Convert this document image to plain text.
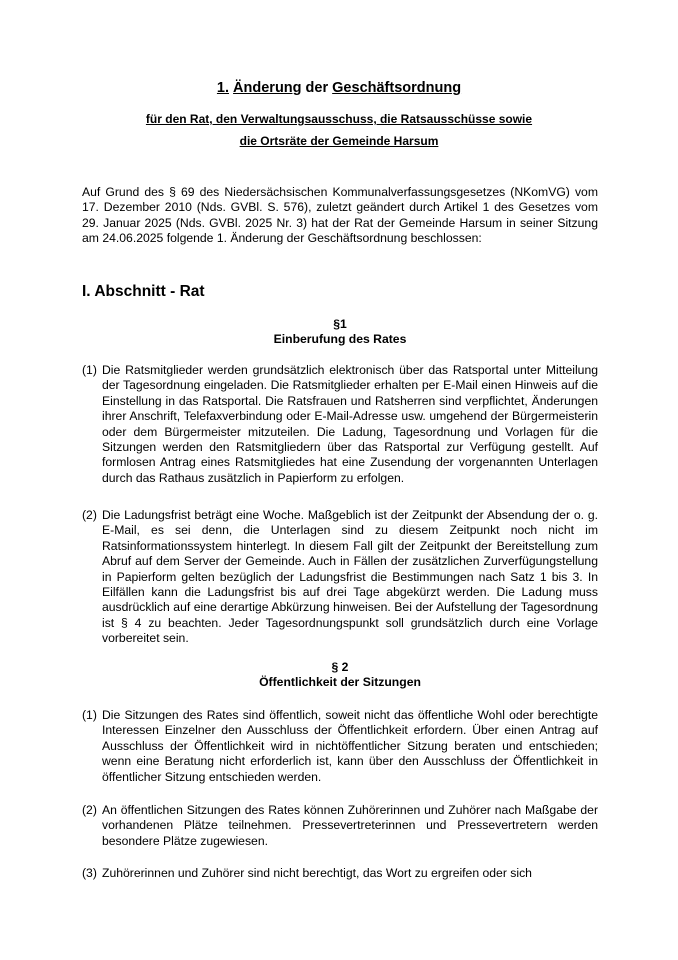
1. Änderung der Geschäftsordnung
für den Rat, den Verwaltungsausschuss, die Ratsausschüsse sowie
die Ortsräte der Gemeinde Harsum
Auf Grund des § 69 des Niedersächsischen Kommunalverfassungsgesetzes (NKomVG) vom 17. Dezember 2010 (Nds. GVBl. S. 576), zuletzt geändert durch Artikel 1 des Gesetzes vom 29. Januar 2025 (Nds. GVBl. 2025 Nr. 3) hat der Rat der Gemeinde Harsum in seiner Sitzung am 24.06.2025 folgende 1. Änderung der Geschäftsordnung beschlossen:
I. Abschnitt - Rat
§1
Einberufung des Rates
(1) Die Ratsmitglieder werden grundsätzlich elektronisch über das Ratsportal unter Mitteilung der Tagesordnung eingeladen. Die Ratsmitglieder erhalten per E-Mail einen Hinweis auf die Einstellung in das Ratsportal. Die Ratsfrauen und Ratsherren sind verpflichtet, Änderungen ihrer Anschrift, Telefaxverbindung oder E-Mail-Adresse usw. umgehend der Bürgermeisterin oder dem Bürgermeister mitzuteilen. Die Ladung, Tagesordnung und Vorlagen für die Sitzungen werden den Ratsmitgliedern über das Ratsportal zur Verfügung gestellt. Auf formlosen Antrag eines Ratsmitgliedes hat eine Zusendung der vorgenannten Unterlagen durch das Rathaus zusätzlich in Papierform zu erfolgen.
(2) Die Ladungsfrist beträgt eine Woche. Maßgeblich ist der Zeitpunkt der Absendung der o. g. E-Mail, es sei denn, die Unterlagen sind zu diesem Zeitpunkt noch nicht im Ratsinformationssystem hinterlegt. In diesem Fall gilt der Zeitpunkt der Bereitstellung zum Abruf auf dem Server der Gemeinde. Auch in Fällen der zusätzlichen Zurverfügungstellung in Papierform gelten bezüglich der Ladungsfrist die Bestimmungen nach Satz 1 bis 3. In Eilfällen kann die Ladungsfrist bis auf drei Tage abgekürzt werden. Die Ladung muss ausdrücklich auf eine derartige Abkürzung hinweisen. Bei der Aufstellung der Tagesordnung ist § 4 zu beachten. Jeder Tagesordnungspunkt soll grundsätzlich durch eine Vorlage vorbereitet sein.
§ 2
Öffentlichkeit der Sitzungen
(1) Die Sitzungen des Rates sind öffentlich, soweit nicht das öffentliche Wohl oder berechtigte Interessen Einzelner den Ausschluss der Öffentlichkeit erfordern. Über einen Antrag auf Ausschluss der Öffentlichkeit wird in nichtöffentlicher Sitzung beraten und entschieden; wenn eine Beratung nicht erforderlich ist, kann über den Ausschluss der Öffentlichkeit in öffentlicher Sitzung entschieden werden.
(2) An öffentlichen Sitzungen des Rates können Zuhörerinnen und Zuhörer nach Maßgabe der vorhandenen Plätze teilnehmen. Pressevertreterinnen und Pressevertretern werden besondere Plätze zugewiesen.
(3) Zuhörerinnen und Zuhörer sind nicht berechtigt, das Wort zu ergreifen oder sich
